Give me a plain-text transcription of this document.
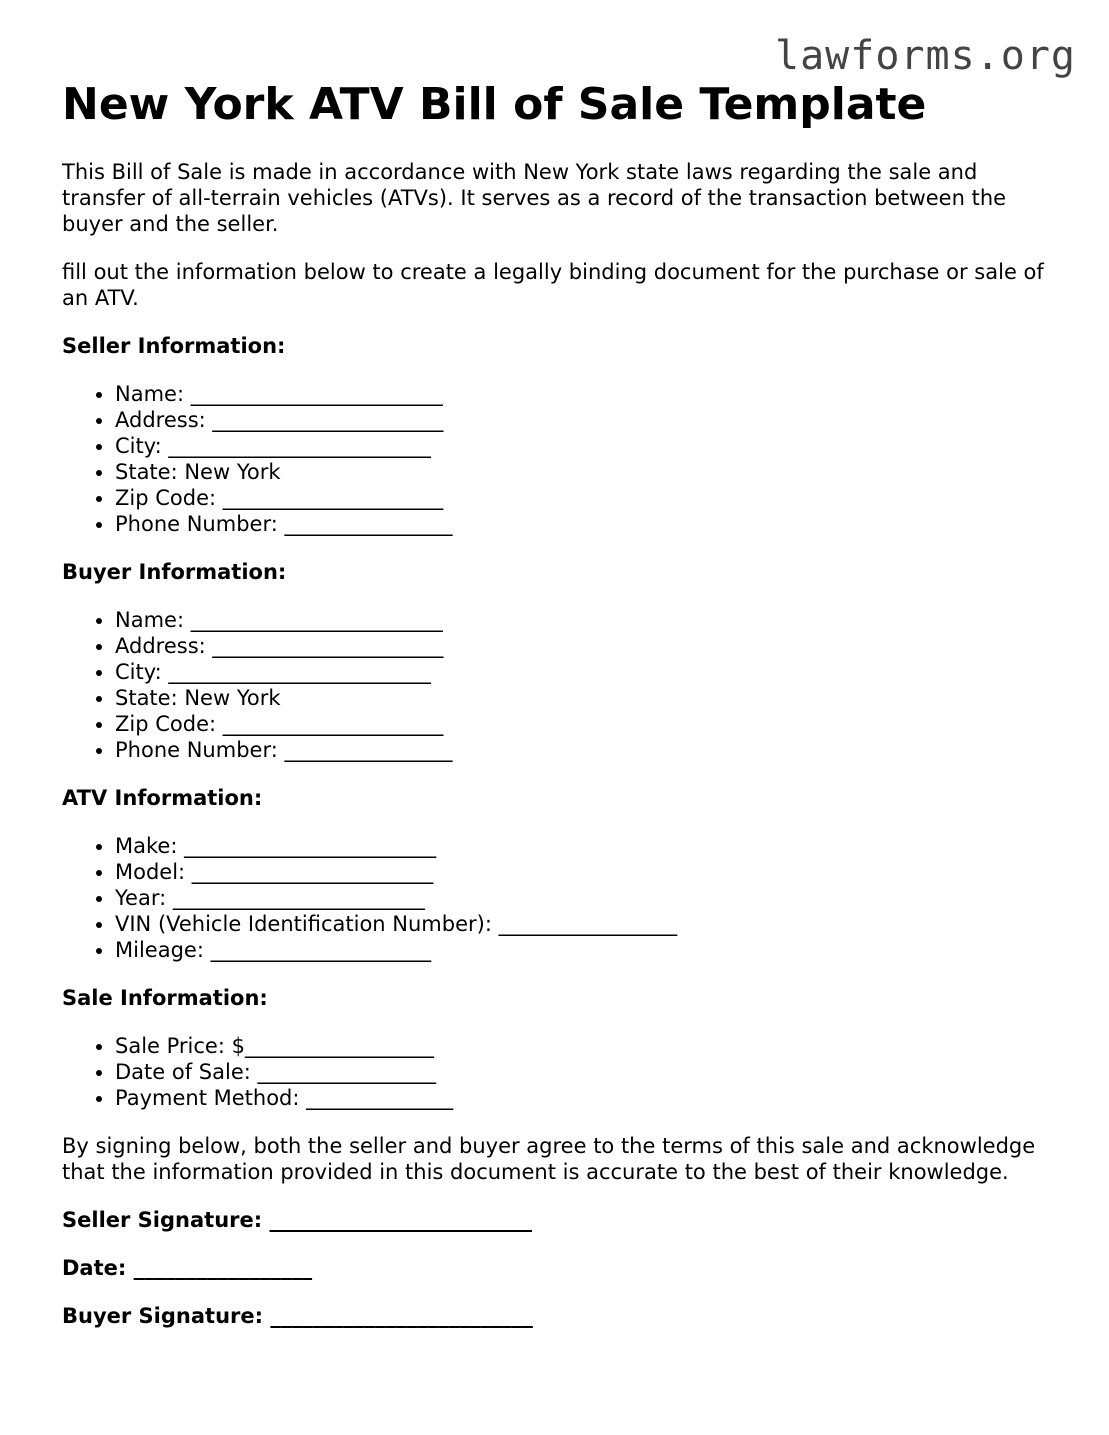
lawforms.org
New York ATV Bill of Sale Template

This Bill of Sale is made in accordance with New York state laws regarding the sale and transfer of all-terrain vehicles (ATVs). It serves as a record of the transaction between the buyer and the seller.

fill out the information below to create a legally binding document for the purchase or sale of an ATV.

Seller Information:
• Name: ________________________
• Address: ______________________
• City: _________________________
• State: New York
• Zip Code: _____________________
• Phone Number: ________________
Buyer Information:
• Name: ________________________
• Address: ______________________
• City: _________________________
• State: New York
• Zip Code: _____________________
• Phone Number: ________________
ATV Information:
• Make: ________________________
• Model: _______________________
• Year: ________________________
• VIN (Vehicle Identification Number): _________________
• Mileage: _____________________
Sale Information:
• Sale Price: $__________________
• Date of Sale: _________________
• Payment Method: ______________

By signing below, both the seller and buyer agree to the terms of this sale and acknowledge that the information provided in this document is accurate to the best of their knowledge.

Seller Signature: _________________________
Date: _________________
Buyer Signature: _________________________
